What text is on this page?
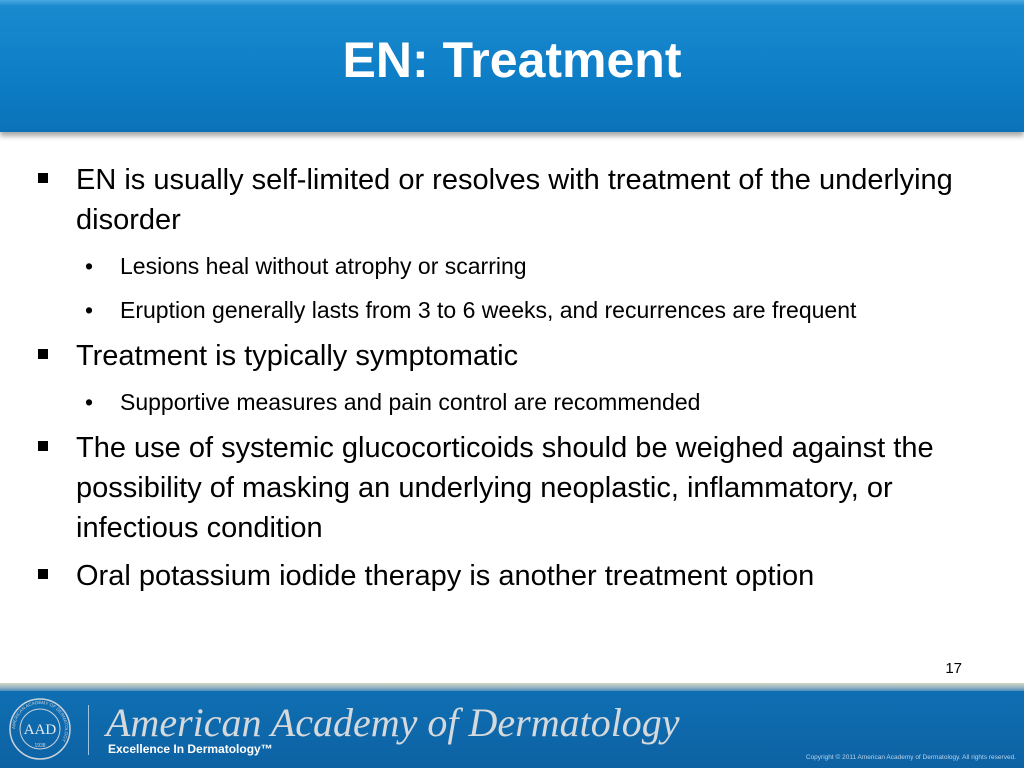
EN: Treatment
EN is usually self-limited or resolves with treatment of the underlying disorder
• Lesions heal without atrophy or scarring
• Eruption generally lasts from 3 to 6 weeks, and recurrences are frequent
Treatment is typically symptomatic
• Supportive measures and pain control are recommended
The use of systemic glucocorticoids should be weighed against the possibility of masking an underlying neoplastic, inflammatory, or infectious condition
Oral potassium iodide therapy is another treatment option
17
AAD
1938
AMERICAN ACADEMY OF DERMATOLOGY American Academy of Dermatology
Excellence In Dermatology™
Copyright © 2011 American Academy of Dermatology. All rights reserved.
